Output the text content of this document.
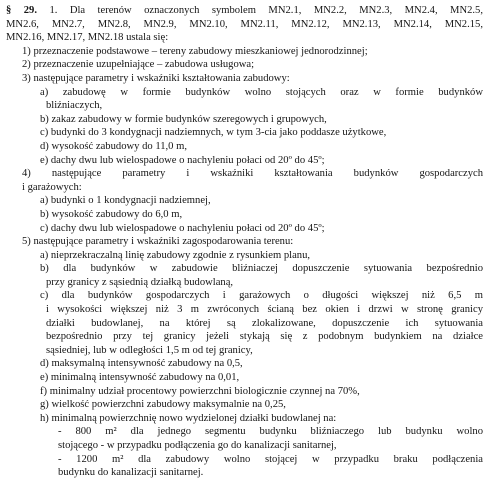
§ 29. 1. Dla terenów oznaczonych symbolem MN2.1, MN2.2, MN2.3, MN2.4, MN2.5,

MN2.6, MN2.7, MN2.8, MN2.9, MN2.10, MN2.11, MN2.12, MN2.13, MN2.14, MN2.15,

MN2.16, MN2.17, MN2.18 ustala się:

1) przeznaczenie podstawowe – tereny zabudowy mieszkaniowej jednorodzinnej;

2) przeznaczenie uzupełniające – zabudowa usługowa;

3) następujące parametry i wskaźniki kształtowania zabudowy:

a) zabudowę w formie budynków wolno stojących oraz w formie budynków

bliźniaczych,

b) zakaz zabudowy w formie budynków szeregowych i grupowych,

c) budynki do 3 kondygnacji nadziemnych, w tym 3-cia jako poddasze użytkowe,

d) wysokość zabudowy do 11,0 m,

e) dachy dwu lub wielospadowe o nachyleniu połaci od 20º do 45º;

4) następujące parametry i wskaźniki kształtowania budynków gospodarczych

i garażowych:

a) budynki o 1 kondygnacji nadziemnej,

b) wysokość zabudowy do 6,0 m,

c) dachy dwu lub wielospadowe o nachyleniu połaci od 20º do 45º;

5) następujące parametry i wskaźniki zagospodarowania terenu:

a) nieprzekraczalną linię zabudowy zgodnie z rysunkiem planu,

b) dla budynków w zabudowie bliźniaczej dopuszczenie sytuowania bezpośrednio

przy granicy z sąsiednią działką budowlaną,

c) dla budynków gospodarczych i garażowych o długości większej niż 6,5 m

i wysokości większej niż 3 m zwróconych ścianą bez okien i drzwi w stronę granicy

działki budowlanej, na której są zlokalizowane, dopuszczenie ich sytuowania

bezpośrednio przy tej granicy jeżeli stykają się z podobnym budynkiem na działce

sąsiedniej, lub w odległości 1,5 m od tej granicy,

d) maksymalną intensywność zabudowy na 0,5,

e) minimalną intensywność zabudowy na 0,01,

f) minimalny udział procentowy powierzchni biologicznie czynnej na 70%,

g) wielkość powierzchni zabudowy maksymalnie na 0,25,

h) minimalną powierzchnię nowo wydzielonej działki budowlanej na:

- 800 m² dla jednego segmentu budynku bliźniaczego lub budynku wolno

stojącego - w przypadku podłączenia go do kanalizacji sanitarnej,

- 1200 m² dla zabudowy wolno stojącej w przypadku braku podłączenia

budynku do kanalizacji sanitarnej.
